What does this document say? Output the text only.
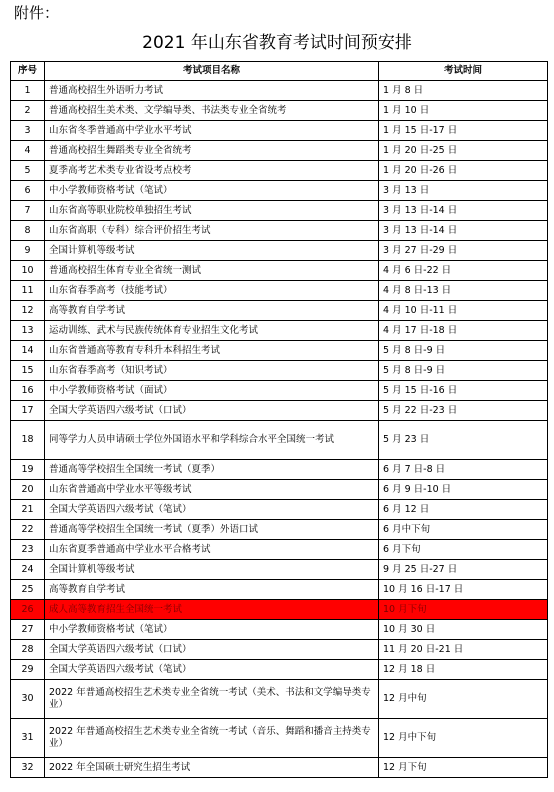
附件：
2021 年山东省教育考试时间预安排
序号	考试项目名称	考试时间
1	普通高校招生外语听力考试	1 月 8 日
2	普通高校招生美术类、文学编导类、书法类专业全省统考	1 月 10 日
3	山东省冬季普通高中学业水平考试	1 月 15 日-17 日
4	普通高校招生舞蹈类专业全省统考	1 月 20 日-25 日
5	夏季高考艺术类专业省设考点校考	1 月 20 日-26 日
6	中小学教师资格考试（笔试）	3 月 13 日
7	山东省高等职业院校单独招生考试	3 月 13 日-14 日
8	山东省高职（专科）综合评价招生考试	3 月 13 日-14 日
9	全国计算机等级考试	3 月 27 日-29 日
10	普通高校招生体育专业全省统一测试	4 月 6 日-22 日
11	山东省春季高考（技能考试）	4 月 8 日-13 日
12	高等教育自学考试	4 月 10 日-11 日
13	运动训练、武术与民族传统体育专业招生文化考试	4 月 17 日-18 日
14	山东省普通高等教育专科升本科招生考试	5 月 8 日-9 日
15	山东省春季高考（知识考试）	5 月 8 日-9 日
16	中小学教师资格考试（面试）	5 月 15 日-16 日
17	全国大学英语四六级考试（口试）	5 月 22 日-23 日
18	同等学力人员申请硕士学位外国语水平和学科综合水平全国统一考试	5 月 23 日
19	普通高等学校招生全国统一考试（夏季）	6 月 7 日-8 日
20	山东省普通高中学业水平等级考试	6 月 9 日-10 日
21	全国大学英语四六级考试（笔试）	6 月 12 日
22	普通高等学校招生全国统一考试（夏季）外语口试	6 月中下旬
23	山东省夏季普通高中学业水平合格考试	6 月下旬
24	全国计算机等级考试	9 月 25 日-27 日
25	高等教育自学考试	10 月 16 日-17 日
26	成人高等教育招生全国统一考试	10 月下旬
27	中小学教师资格考试（笔试）	10 月 30 日
28	全国大学英语四六级考试（口试）	11 月 20 日-21 日
29	全国大学英语四六级考试（笔试）	12 月 18 日
30	2022 年普通高校招生艺术类专业全省统一考试（美术、书法和文学编导类专业）	12 月中旬
31	2022 年普通高校招生艺术类专业全省统一考试（音乐、舞蹈和播音主持类专业）	12 月中下旬
32	2022 年全国硕士研究生招生考试	12 月下旬
